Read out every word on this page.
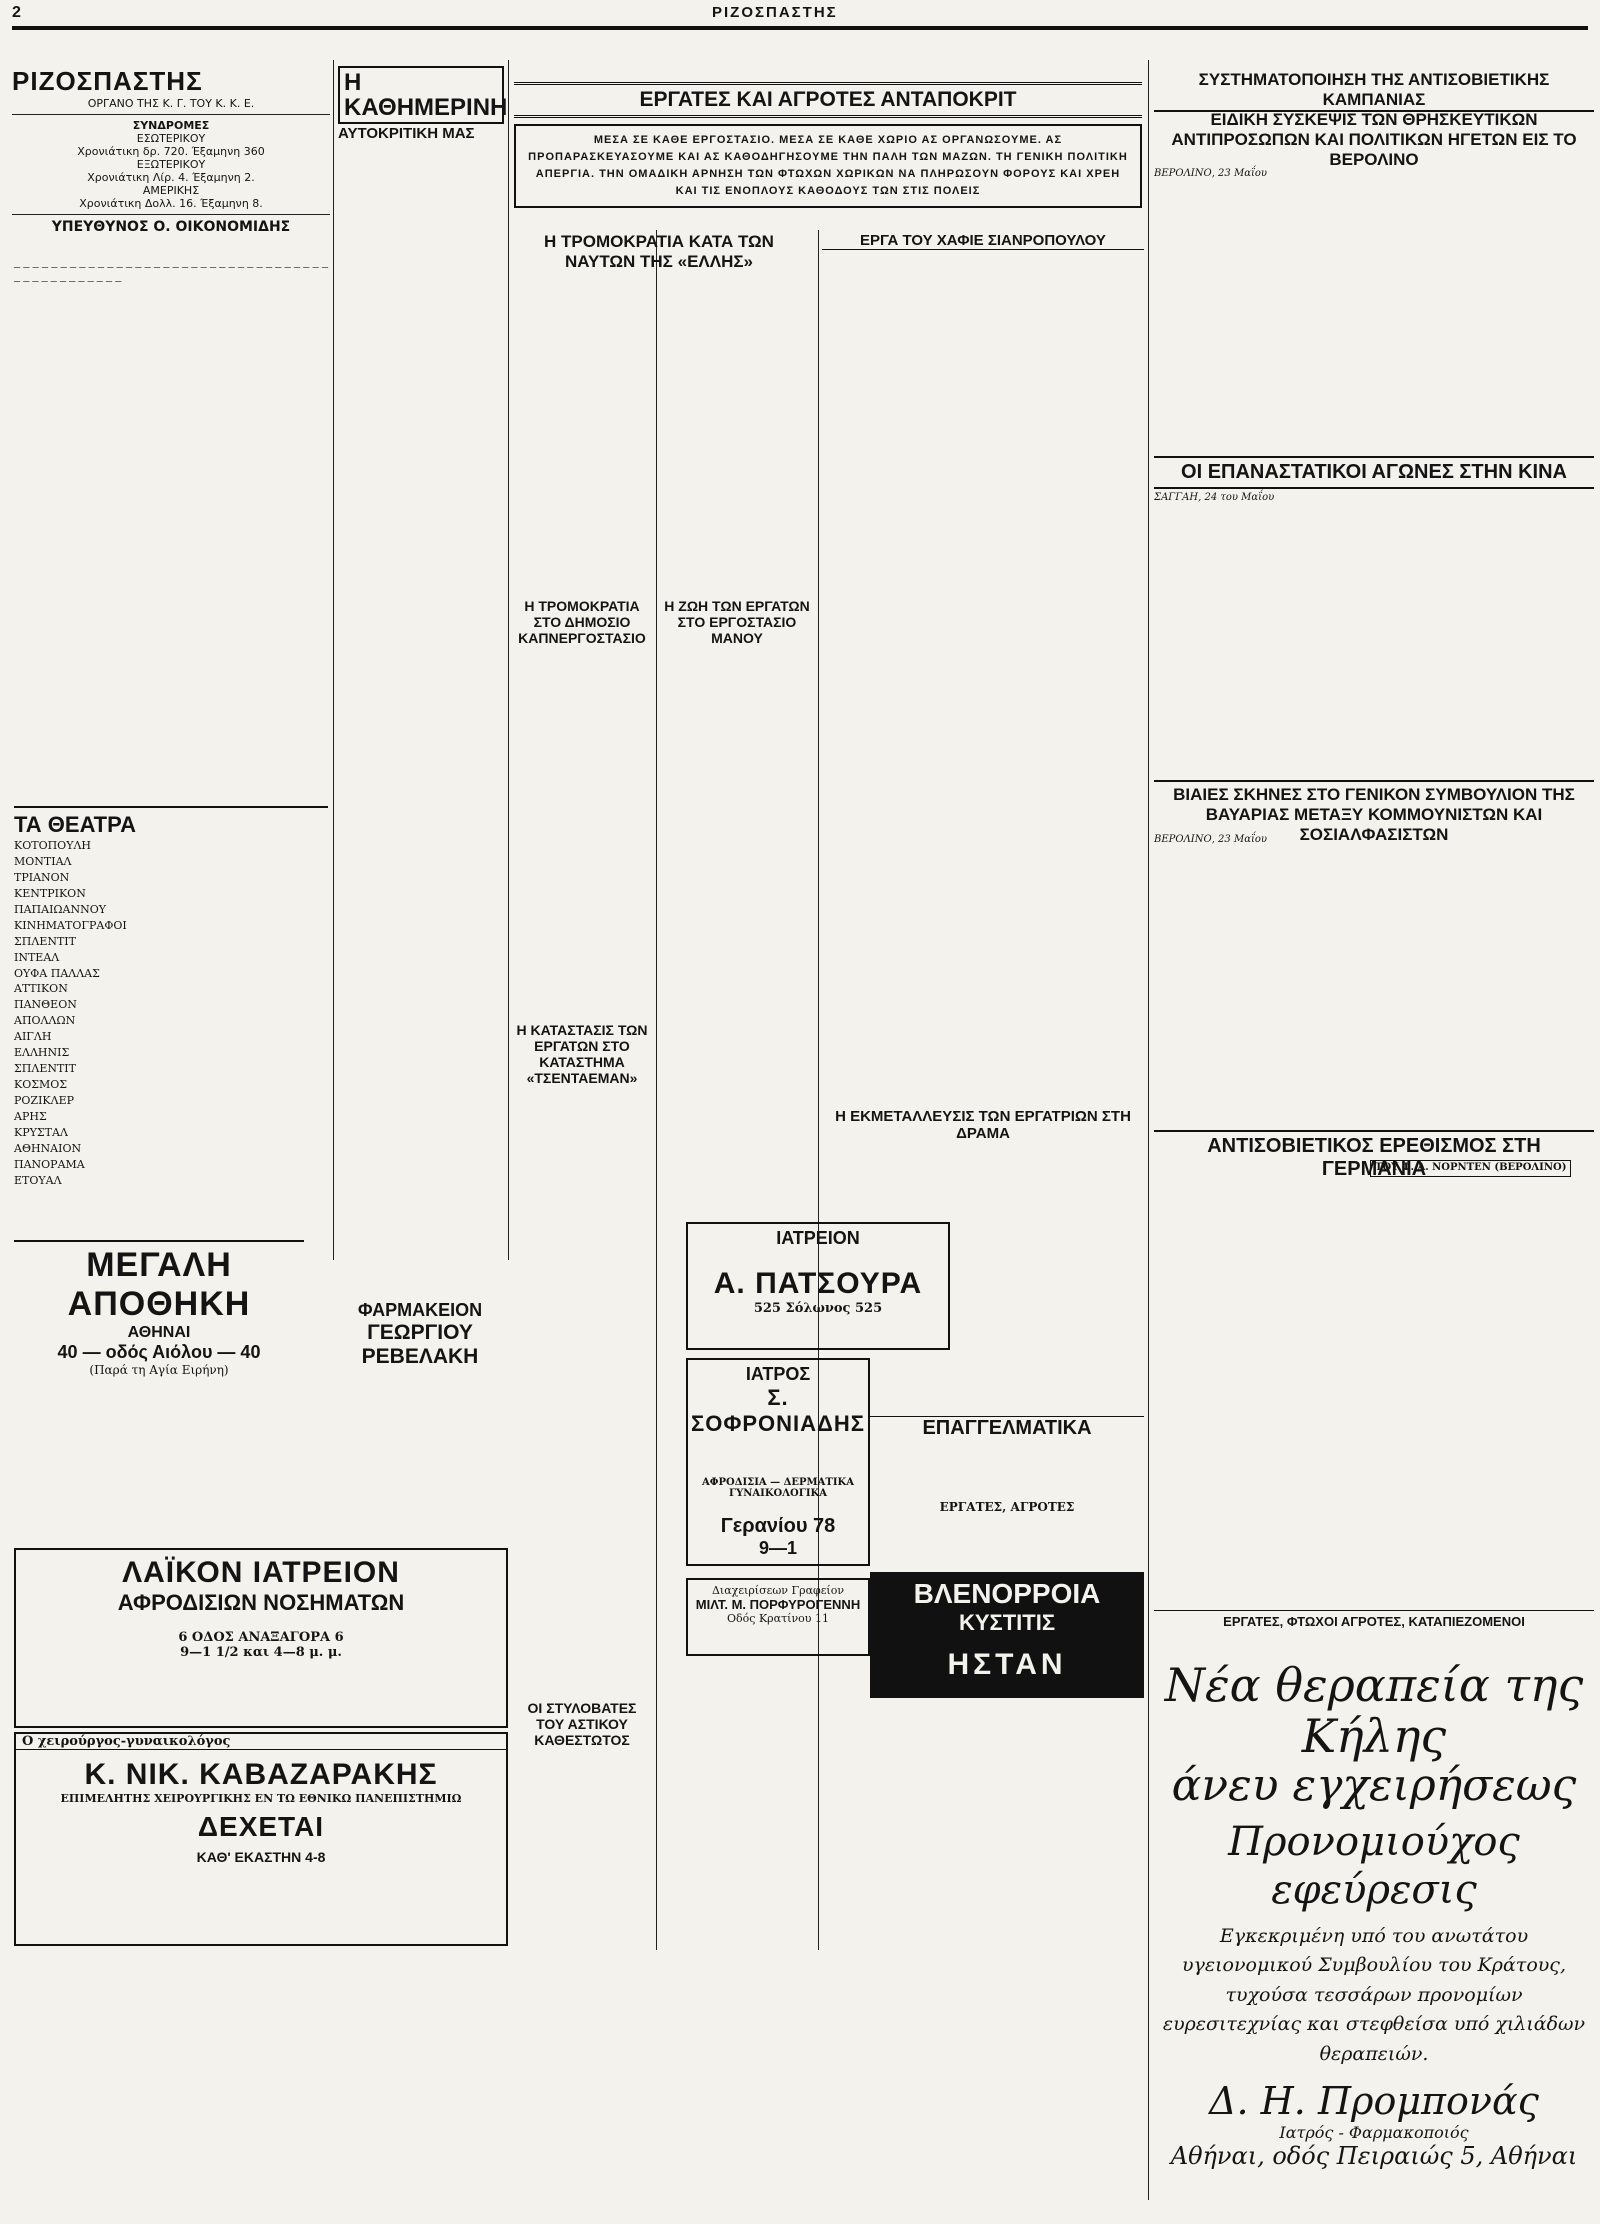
2	ΡΙΖΟΣΠΑΣΤΗΣ
ΡΙΖΟΣΠΑΣΤΗΣ
ΟΡΓΑΝΟ ΤΗΣ Κ. Γ. ΤΟΥ Κ. Κ. Ε.
ΣΥΝΔΡΟΜΕΣ
ΕΣΩΤΕΡΙΚΟΥ
Χρονιάτικη δρ. 720. Έξαμηνη 360
ΕΞΩΤΕΡΙΚΟΥ
Χρονιάτικη Λίρ. 4. Έξαμηνη 2.
ΑΜΕΡΙΚΗΣ
Χρονιάτικη Δολλ. 16. Έξαμηνη 8.
ΥΠΕΥΘΥΝΟΣ Ο. ΟΙΚΟΝΟΜΙΔΗΣ
─ ─ ─ ─ ─ ─ ─ ─ ─ ─ ─ ─ ─ ─ ─ ─ ─ ─ ─ ─ ─ ─ ─ ─ ─ ─ ─ ─ ─ ─ ─ ─ ─ ─ ─ ─ ─ ─ ─ ─ ─ ─ ─ ─ ─ ─
ΤΑ ΘΕΑΤΡΑ
ΚΟΤΟΠΟΥΛΗ
ΜΟΝΤΙΑΛ
ΤΡΙΑΝΟΝ
ΚΕΝΤΡΙΚΟΝ
ΠΑΠΑΙΩΑΝΝΟΥ
ΚΙΝΗΜΑΤΟΓΡΑΦΟΙ
ΣΠΛΕΝΤΙΤ
ΙΝΤΕΑΛ
ΟΥΦΑ ΠΑΛΛΑΣ
ΑΤΤΙΚΟΝ
ΠΑΝΘΕΟΝ
ΑΠΟΛΛΩΝ
ΑΙΓΛΗ
ΕΛΛΗΝΙΣ
ΣΠΛΕΝΤΙΤ
ΚΟΣΜΟΣ
ΡΟΖΙΚΛΕΡ
ΑΡΗΣ
ΚΡΥΣΤΑΛ
ΑΘΗΝΑΙΟΝ
ΠΑΝΟΡΑΜΑ
ΕΤΟΥΑΛ
Η ΚΑΘΗΜΕΡΙΝΗ
ΑΥΤΟΚΡΙΤΙΚΗ ΜΑΣ
ΕΡΓΑΤΕΣ ΚΑΙ ΑΓΡΟΤΕΣ ΑΝΤΑΠΟΚΡΙΤ
ΜΕΣΑ ΣΕ ΚΑΘΕ ΕΡΓΟΣΤΑΣΙΟ. ΜΕΣΑ ΣΕ ΚΑΘΕ ΧΩΡΙΟ ΑΣ ΟΡΓΑΝΩΣΟΥΜΕ. ΑΣ ΠΡΟΠΑΡΑΣΚΕΥΑΣΟΥΜΕ ΚΑΙ ΑΣ ΚΑΘΟΔΗΓΗΣΟΥΜΕ ΤΗΝ ΠΑΛΗ ΤΩΝ ΜΑΖΩΝ. ΤΗ ΓΕΝΙΚΗ ΠΟΛΙΤΙΚΗ ΑΠΕΡΓΙΑ. ΤΗΝ ΟΜΑΔΙΚΗ ΑΡΝΗΣΗ ΤΩΝ ΦΤΩΧΩΝ ΧΩΡΙΚΩΝ ΝΑ ΠΛΗΡΩΣΟΥΝ ΦΟΡΟΥΣ ΚΑΙ ΧΡΕΗ ΚΑΙ ΤΙΣ ΕΝΟΠΛΟΥΣ ΚΑΘΟΔΟΥΣ ΤΩΝ ΣΤΙΣ ΠΟΛΕΙΣ
Η ΤΡΟΜΟΚΡΑΤΙΑ ΚΑΤΑ ΤΩΝ ΝΑΥΤΩΝ ΤΗΣ «ΕΛΛΗΣ»
ΕΡΓΑ ΤΟΥ ΧΑΦΙΕ ΣΙΑΝΡΟΠΟΥΛΟΥ
Η ΤΡΟΜΟΚΡΑΤΙΑ ΣΤΟ ΔΗΜΟΣΙΟ ΚΑΠΝΕΡΓΟΣΤΑΣΙΟ
Η ΖΩΗ ΤΩΝ ΕΡΓΑΤΩΝ ΣΤΟ ΕΡΓΟΣΤΑΣΙΟ ΜΑΝΟΥ
Η ΚΑΤΑΣΤΑΣΙΣ ΤΩΝ ΕΡΓΑΤΩΝ ΣΤΟ ΚΑΤΑΣΤΗΜΑ «ΤΣΕΝΤΑΕΜΑΝ»
Η ΕΚΜΕΤΑΛΛΕΥΣΙΣ ΤΩΝ ΕΡΓΑΤΡΙΩΝ ΣΤΗ ΔΡΑΜΑ
ΟΙ ΣΤΥΛΟΒΑΤΕΣ ΤΟΥ ΑΣΤΙΚΟΥ ΚΑΘΕΣΤΩΤΟΣ
ΣΥΣΤΗΜΑΤΟΠΟΙΗΣΗ ΤΗΣ ΑΝΤΙΣΟΒΙΕΤΙΚΗΣ ΚΑΜΠΑΝΙΑΣ
ΕΙΔΙΚΗ ΣΥΣΚΕΨΙΣ ΤΩΝ ΘΡΗΣΚΕΥΤΙΚΩΝ ΑΝΤΙΠΡΟΣΩΠΩΝ ΚΑΙ ΠΟΛΙΤΙΚΩΝ ΗΓΕΤΩΝ ΕΙΣ ΤΟ ΒΕΡΟΛΙΝΟ
ΒΕΡΟΛΙΝΟ, 23 Μαΐου
ΟΙ ΕΠΑΝΑΣΤΑΤΙΚΟΙ ΑΓΩΝΕΣ ΣΤΗΝ ΚΙΝΑ
ΣΑΓΓΑΗ, 24 του Μαΐου
ΒΙΑΙΕΣ ΣΚΗΝΕΣ ΣΤΟ ΓΕΝΙΚΟΝ ΣΥΜΒΟΥΛΙΟΝ ΤΗΣ ΒΑΥΑΡΙΑΣ ΜΕΤΑΞΥ ΚΟΜΜΟΥΝΙΣΤΩΝ ΚΑΙ ΣΟΣΙΑΛΦΑΣΙΣΤΩΝ
ΒΕΡΟΛΙΝΟ, 23 Μαΐου
ΑΝΤΙΣΟΒΙΕΤΙΚΟΣ ΕΡΕΘΙΣΜΟΣ ΣΤΗ ΓΕΡΜΑΝΙΑ
ΤΟΥ Φ. Α. ΝΟΡΝΤΕΝ (ΒΕΡΟΛΙΝΟ)
ΕΡΓΑΤΕΣ, ΦΤΩΧΟΙ ΑΓΡΟΤΕΣ, ΚΑΤΑΠΙΕΖΟΜΕΝΟΙ
Νέα θεραπεία της Κήλης
άνευ εγχειρήσεως
Προνομιούχος εφεύρεσις
Εγκεκριμένη υπό του ανωτάτου υγειονομικού Συμβουλίου του Κράτους, τυχούσα τεσσάρων προνομίων ευρεσιτεχνίας και στεφθείσα υπό χιλιάδων θεραπειών.
Δ. Η. Προμπονάς
Ιατρός - Φαρμακοποιός
Αθήναι, οδός Πειραιώς 5, Αθήναι
ΜΕΓΑΛΗ ΑΠΟΘΗΚΗ
ΑΘΗΝΑΙ
40 — οδός Αιόλου — 40
(Παρά τη Αγία Ειρήνη)
ΦΑΡΜΑΚΕΙΟΝ
ΓΕΩΡΓΙΟΥ ΡΕΒΕΛΑΚΗ
ΛΑΪΚΟΝ ΙΑΤΡΕΙΟΝ
ΑΦΡΟΔΙΣΙΩΝ ΝΟΣΗΜΑΤΩΝ
6 ΟΔΟΣ ΑΝΑΞΑΓΟΡΑ 6
9—1 1/2 και 4—8 μ. μ.
Ο χειρούργος-γυναικολόγος
Κ. ΝΙΚ. ΚΑΒΑΖΑΡΑΚΗΣ
ΕΠΙΜΕΛΗΤΗΣ ΧΕΙΡΟΥΡΓΙΚΗΣ ΕΝ ΤΩ ΕΘΝΙΚΩ ΠΑΝΕΠΙΣΤΗΜΙΩ
ΔΕΧΕΤΑΙ
ΚΑΘ' ΕΚΑΣΤΗΝ 4-8
ΙΑΤΡΕΙΟΝ
Α. ΠΑΤΣΟΥΡΑ
525 Σόλωνος 525
ΙΑΤΡΟΣ
Σ. ΣΟΦΡΟΝΙΑΔΗΣ
ΑΦΡΟΔΙΣΙΑ — ΔΕΡΜΑΤΙΚΑ ΓΥΝΑΙΚΟΛΟΓΙΚΑ
Γερανίου 78
9—1
Διαχειρίσεων Γραφείον
ΜΙΛΤ. Μ. ΠΟΡΦΥΡΟΓΕΝΝΗ
Οδός Κρατίνου 11
ΕΠΑΓΓΕΛΜΑΤΙΚΑ
ΕΡΓΑΤΕΣ, ΑΓΡΟΤΕΣ
ΒΛΕΝΟΡΡΟΙΑ
ΚΥΣΤΙΤΙΣ
ΗΣΤΑΝ
